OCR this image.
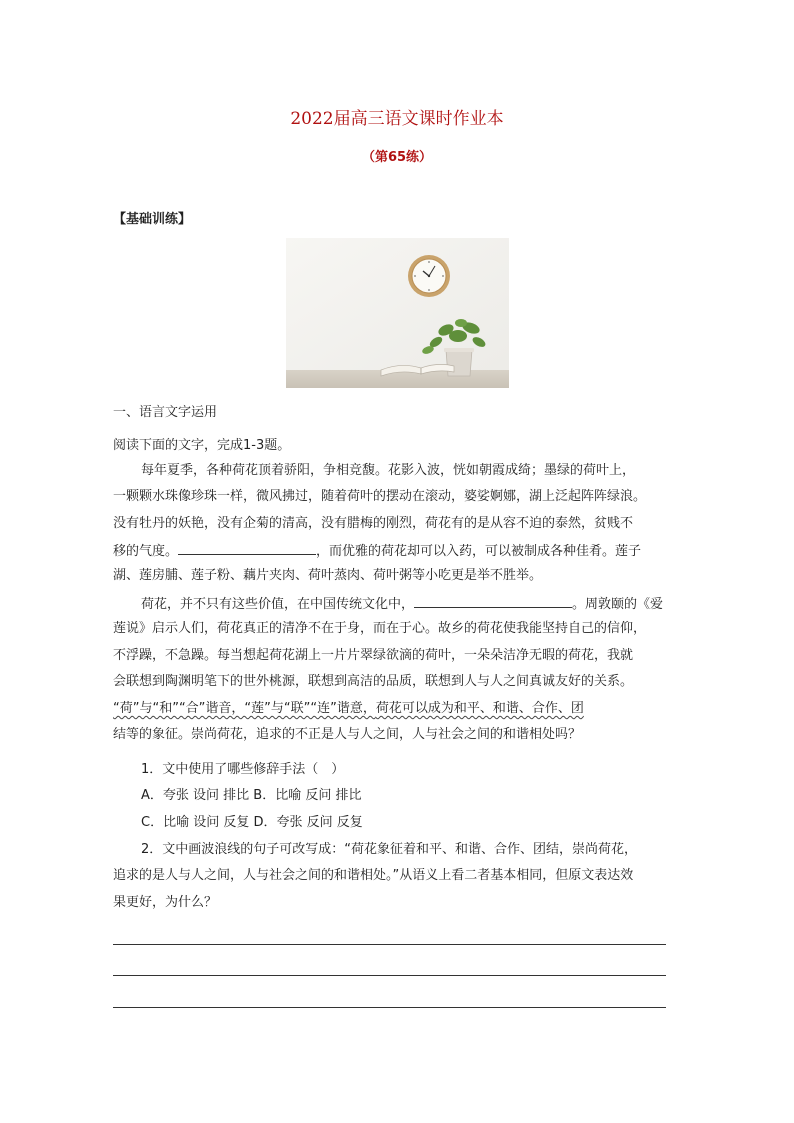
2022届高三语文课时作业本
（第65练）
【基础训练】
一、语言文字运用
阅读下面的文字，完成1-3题。
每年夏季，各种荷花顶着骄阳，争相竞馥。花影入波，恍如朝霞成绮；墨绿的荷叶上，
一颗颗水珠像珍珠一样，微风拂过，随着荷叶的摆动在滚动，婆娑婀娜，湖上泛起阵阵绿浪。
没有牡丹的妖艳，没有企菊的清高，没有腊梅的刚烈，荷花有的是从容不迫的泰然，贫贱不
移的气度。	，而优雅的荷花却可以入药，可以被制成各种佳肴。莲子
湖、莲房脯、莲子粉、藕片夹肉、荷叶蒸肉、荷叶粥等小吃更是举不胜举。
荷花，并不只有这些价值，在中国传统文化中，	。周敦颐的《爱
莲说》启示人们，荷花真正的清净不在于身，而在于心。故乡的荷花使我能坚持自己的信仰，
不浮躁，不急躁。每当想起荷花湖上一片片翠绿欲滴的荷叶，一朵朵洁净无暇的荷花，我就
会联想到陶渊明笔下的世外桃源，联想到高洁的品质，联想到人与人之间真诚友好的关系。
“荷”与“和”“合”谐音，“莲”与“联”“连”谐意，荷花可以成为和平、和谐、合作、团
结等的象征。崇尚荷花，追求的不正是人与人之间，人与社会之间的和谐相处吗？
1．文中使用了哪些修辞手法（　）
A．夸张 设问 排比 B．比喻 反问 排比
C．比喻 设问 反复 D．夸张 反问 反复
2．文中画波浪线的句子可改写成：“荷花象征着和平、和谐、合作、团结，崇尚荷花，
追求的是人与人之间，人与社会之间的和谐相处。”从语义上看二者基本相同，但原文表达效
果更好，为什么？
